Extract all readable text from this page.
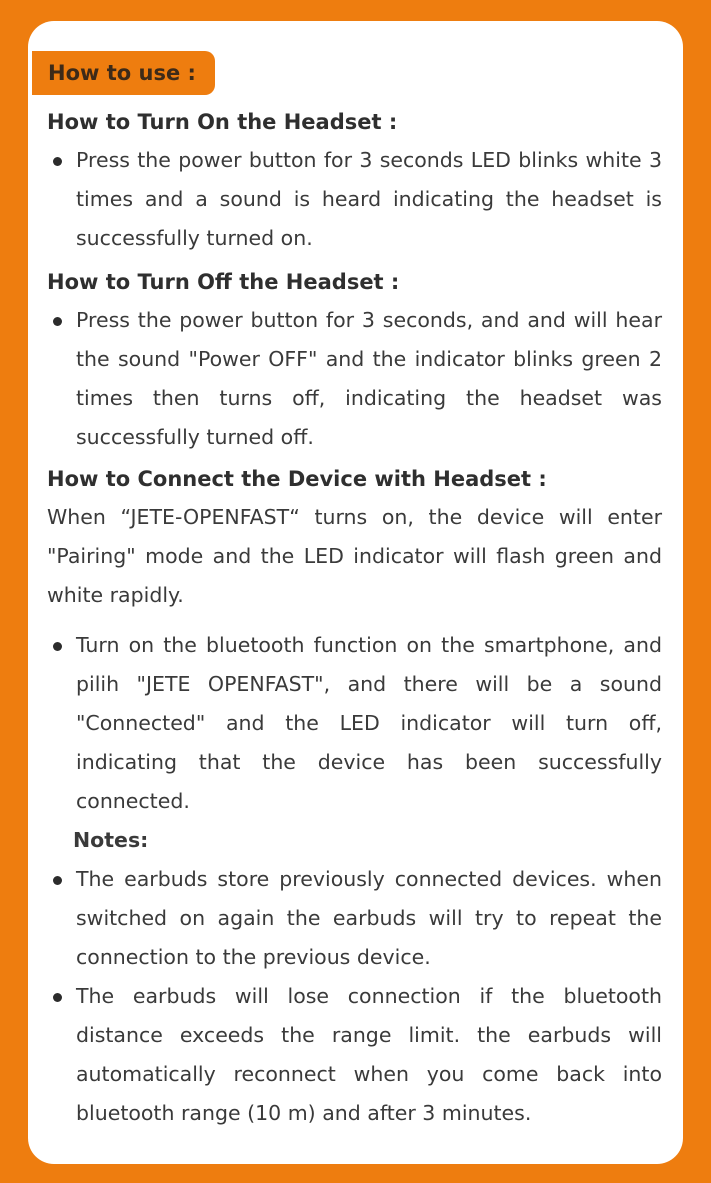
How to use :
How to Turn On the Headset :
Press the power button for 3 seconds LED blinks white 3 times and a sound is heard indicating the headset is successfully turned on.
How to Turn Off the Headset :
Press the power button for 3 seconds, and and will hear the sound "Power OFF" and the indicator blinks green 2 times then turns off, indicating the headset was successfully turned off.
How to Connect the Device with Headset :
When “JETE-OPENFAST“ turns on, the device will enter "Pairing" mode and the LED indicator will flash green and white rapidly.
Turn on the bluetooth function on the smartphone, and pilih "JETE OPENFAST", and there will be a sound "Connected" and the LED indicator will turn off, indicating that the device has been successfully connected.
Notes:
The earbuds store previously connected devices. when switched on again the earbuds will try to repeat the connection to the previous device.
The earbuds will lose connection if the bluetooth distance exceeds the range limit. the earbuds will automatically reconnect when you come back into bluetooth range (10 m) and after 3 minutes.
